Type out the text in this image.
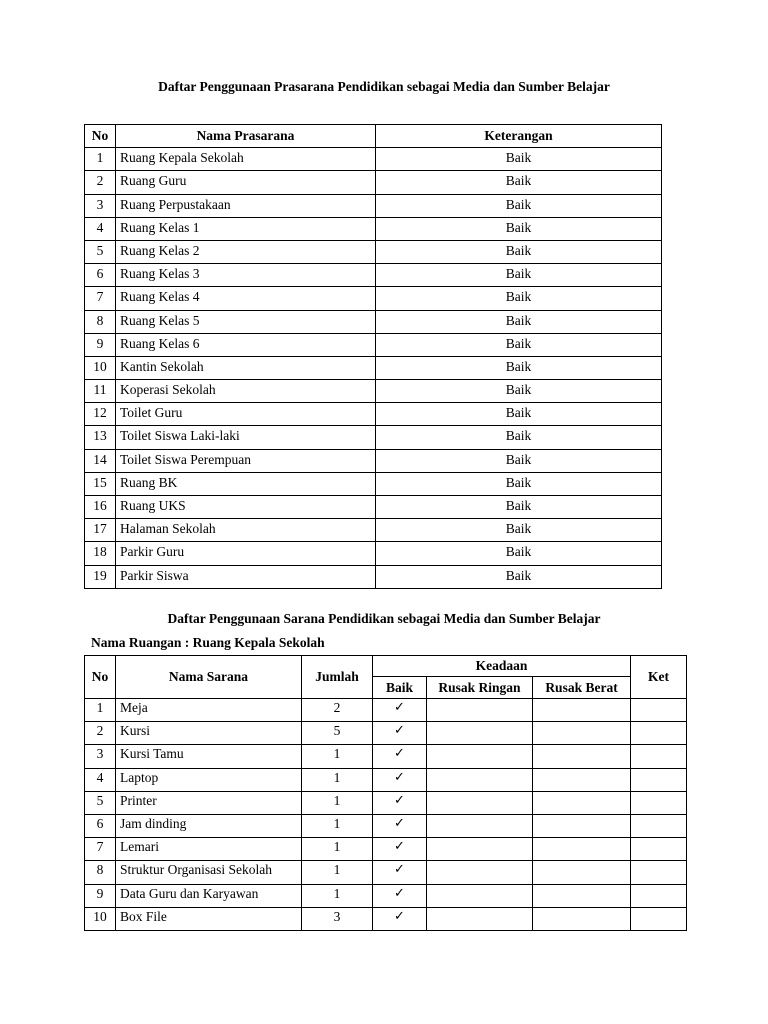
Daftar Penggunaan Prasarana Pendidikan sebagai Media dan Sumber Belajar
No	Nama Prasarana	Keterangan
1	Ruang Kepala Sekolah	Baik
2	Ruang Guru	Baik
3	Ruang Perpustakaan	Baik
4	Ruang Kelas 1	Baik
5	Ruang Kelas 2	Baik
6	Ruang Kelas 3	Baik
7	Ruang Kelas 4	Baik
8	Ruang Kelas 5	Baik
9	Ruang Kelas 6	Baik
10	Kantin Sekolah	Baik
11	Koperasi Sekolah	Baik
12	Toilet Guru	Baik
13	Toilet Siswa Laki-laki	Baik
14	Toilet Siswa Perempuan	Baik
15	Ruang BK	Baik
16	Ruang UKS	Baik
17	Halaman Sekolah	Baik
18	Parkir Guru	Baik
19	Parkir Siswa	Baik
Daftar Penggunaan Sarana Pendidikan sebagai Media dan Sumber Belajar
Nama Ruangan : Ruang Kepala Sekolah
No	Nama Sarana	Jumlah	Keadaan			Ket
			Baik	Rusak Ringan	Rusak Berat	
1	Meja	2	✓			
2	Kursi	5	✓			
3	Kursi Tamu	1	✓			
4	Laptop	1	✓			
5	Printer	1	✓			
6	Jam dinding	1	✓			
7	Lemari	1	✓			
8	Struktur Organisasi Sekolah	1	✓			
9	Data Guru dan Karyawan	1	✓			
10	Box File	3	✓			
